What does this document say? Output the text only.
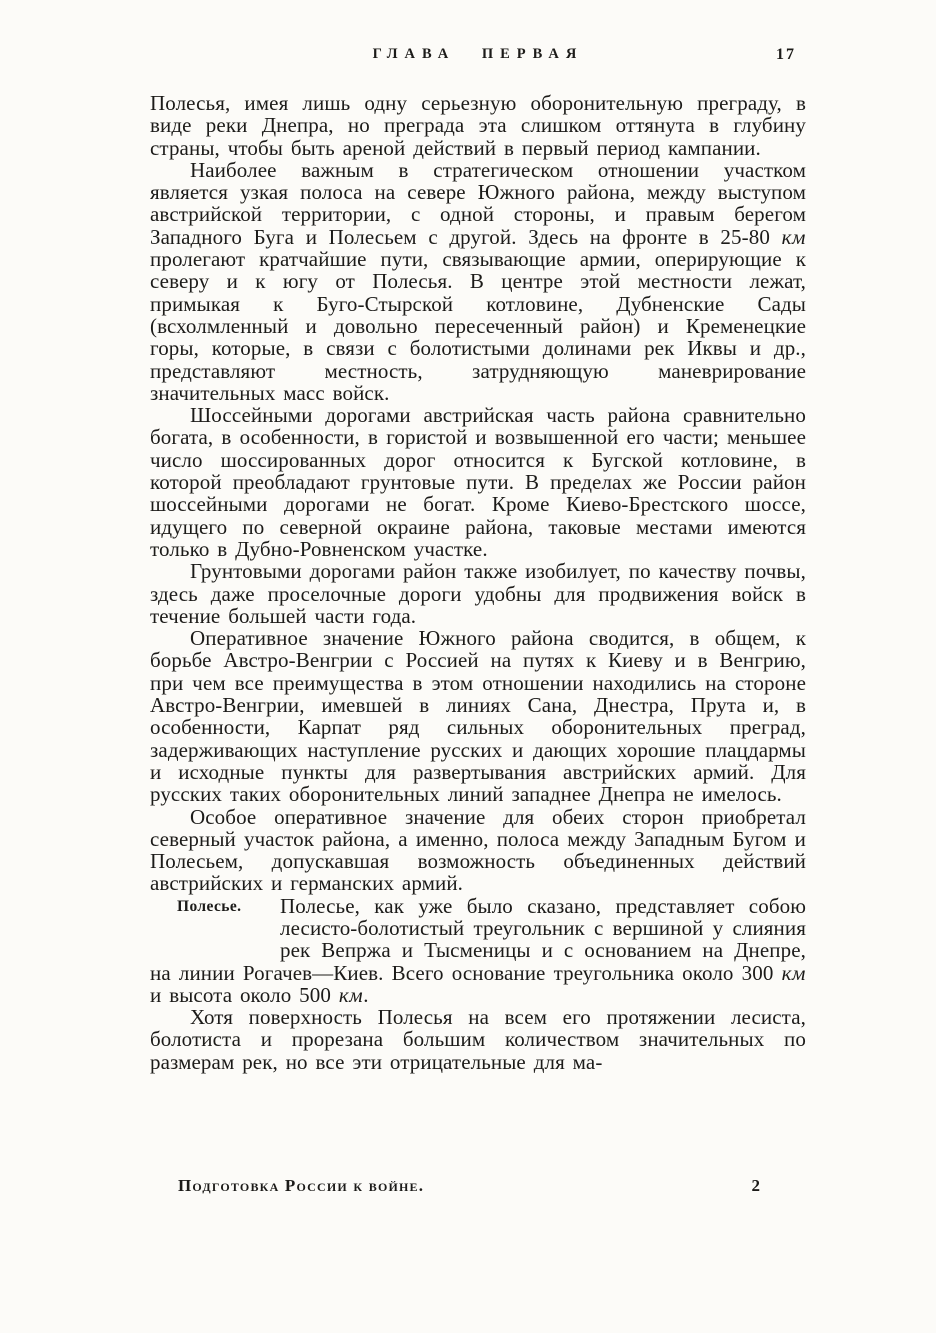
ГЛАВА ПЕРВАЯ	17

Полесья, имея лишь одну серьезную оборонительную преграду, в виде реки Днепра, но преграда эта слишком оттянута в глубину страны, чтобы быть ареной действий в первый период кампании.

Наиболее важным в стратегическом отношении участком является узкая полоса на севере Южного района, между выступом австрийской территории, с одной стороны, и правым берегом Западного Буга и Полесьем с другой. Здесь на фронте в 25-80 км пролегают кратчайшие пути, связывающие армии, оперирующие к северу и к югу от Полесья. В центре этой местности лежат, примыкая к Буго-Стырской котловине, Дубненские Сады (всхолмленный и довольно пересеченный район) и Кременецкие горы, которые, в связи с болотистыми долинами рек Иквы и др., представляют местность, затрудняющую маневрирование значительных масс войск.

Шоссейными дорогами австрийская часть района сравнительно богата, в особенности, в гористой и возвышенной его части; меньшее число шоссированных дорог относится к Бугской котловине, в которой преобладают грунтовые пути. В пределах же России район шоссейными дорогами не богат. Кроме Киево-Брестского шоссе, идущего по северной окраине района, таковые местами имеются только в Дубно-Ровненском участке.

Грунтовыми дорогами район также изобилует, по качеству почвы, здесь даже проселочные дороги удобны для продвижения войск в течение большей части года.

Оперативное значение Южного района сводится, в общем, к борьбе Австро-Венгрии с Россией на путях к Киеву и в Венгрию, при чем все преимущества в этом отношении находились на стороне Австро-Венгрии, имевшей в линиях Сана, Днестра, Прута и, в особенности, Карпат ряд сильных оборонительных преград, задерживающих наступление русских и дающих хорошие плацдармы и исходные пункты для развертывания австрийских армий. Для русских таких оборонительных линий западнее Днепра не имелось.

Особое оперативное значение для обеих сторон приобретал северный участок района, а именно, полоса между Западным Бугом и Полесьем, допускавшая возможность объединенных действий австрийских и германских армий.

Полесье.	Полесье, как уже было сказано, представляет собою лесисто-болотистый треугольник с вершиной у слияния рек Вепржа и Тысменицы и с основанием на Днепре, на линии Рогачев—Киев. Всего основание треугольника около 300 км и высота около 500 км.

Хотя поверхность Полесья на всем его протяжении лесиста, болотиста и прорезана большим количеством значительных по размерам рек, но все эти отрицательные для ма-

Подготовка России к войне.	2
